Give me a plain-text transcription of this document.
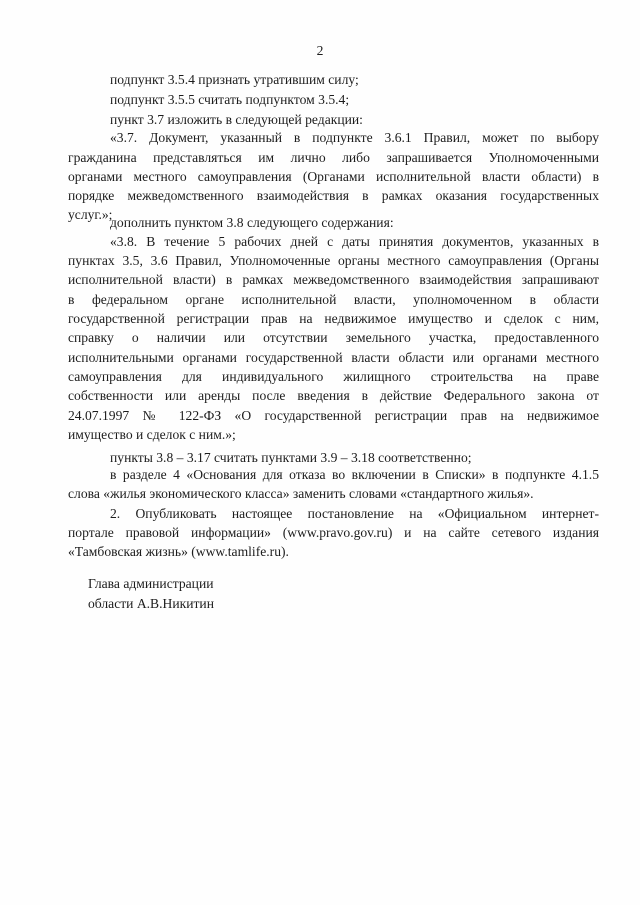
2
подпункт 3.5.4 признать утратившим силу;
подпункт 3.5.5 считать подпунктом 3.5.4;
пункт 3.7 изложить в следующей редакции:
«3.7. Документ, указанный в подпункте 3.6.1 Правил, может по выбору
гражданина представляться им лично либо запрашивается Уполномоченными
органами местного самоуправления (Органами исполнительной власти области) в
порядке межведомственного взаимодействия в рамках оказания государственных
услуг.»;
дополнить пунктом 3.8 следующего содержания:
«3.8. В течение 5 рабочих дней с даты принятия документов, указанных в
пунктах 3.5, 3.6 Правил, Уполномоченные органы местного самоуправления (Органы
исполнительной власти) в рамках межведомственного взаимодействия запрашивают
в федеральном органе исполнительной власти, уполномоченном в области
государственной регистрации прав на недвижимое имущество и сделок с ним,
справку о наличии или отсутствии земельного участка, предоставленного
исполнительными органами государственной власти области или органами местного
самоуправления для индивидуального жилищного строительства на праве
собственности или аренды после введения в действие Федерального закона от
24.07.1997 № 122-ФЗ «О государственной регистрации прав на недвижимое
имущество и сделок с ним.»;
пункты 3.8 – 3.17 считать пунктами 3.9 – 3.18 соответственно;
в разделе 4 «Основания для отказа во включении в Списки» в подпункте 4.1.5
слова «жилья экономического класса» заменить словами «стандартного жилья».
2. Опубликовать настоящее постановление на «Официальном интернет-
портале правовой информации» (www.pravo.gov.ru) и на сайте сетевого издания
«Тамбовская жизнь» (www.tamlife.ru).
Глава администрации
области А.В.Никитин
